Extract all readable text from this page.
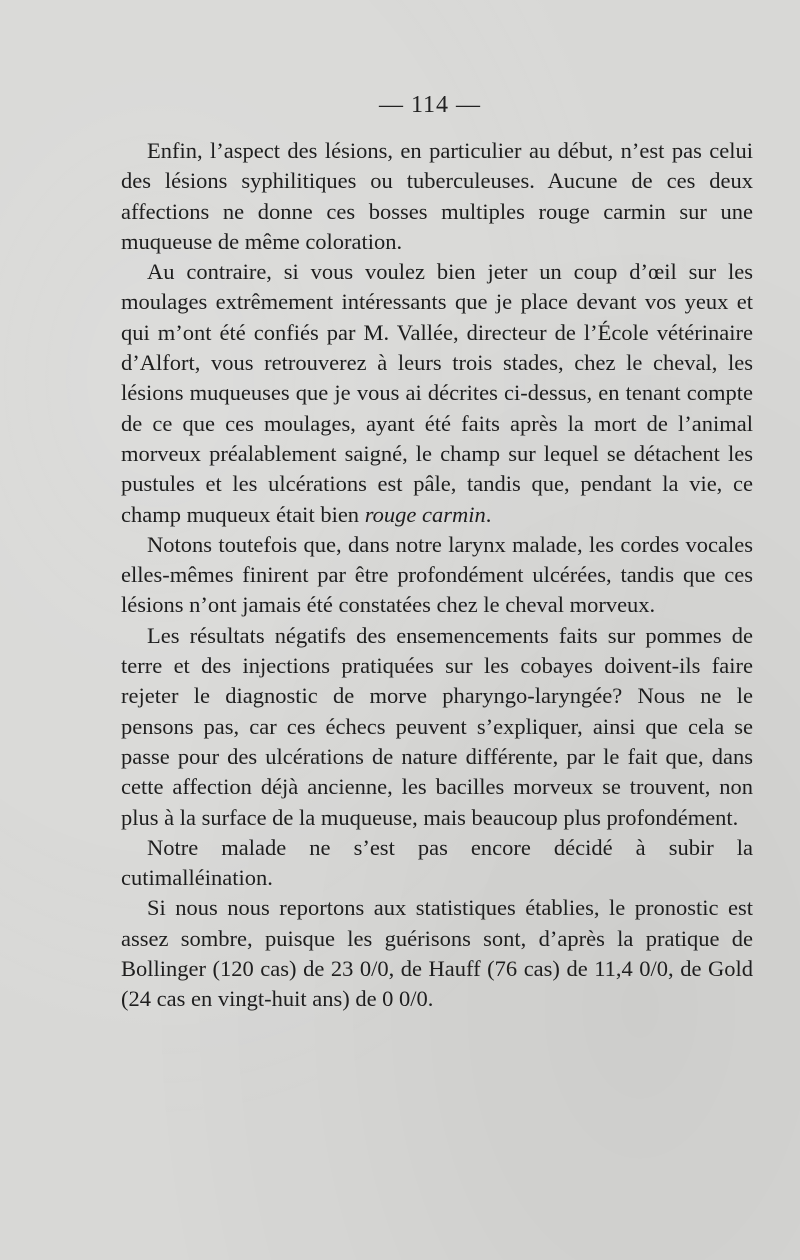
— 114 —

Enfin, l’aspect des lésions, en particulier au début, n’est pas celui des lésions syphilitiques ou tuberculeuses. Aucune de ces deux affections ne donne ces bosses multiples rouge carmin sur une muqueuse de même coloration.

Au contraire, si vous voulez bien jeter un coup d’œil sur les moulages extrêmement intéressants que je place devant vos yeux et qui m’ont été confiés par M. Vallée, directeur de l’École vétérinaire d’Alfort, vous retrouverez à leurs trois stades, chez le cheval, les lésions muqueuses que je vous ai décrites ci-dessus, en tenant compte de ce que ces moulages, ayant été faits après la mort de l’animal morveux préalablement saigné, le champ sur lequel se détachent les pustules et les ulcérations est pâle, tandis que, pendant la vie, ce champ muqueux était bien rouge carmin.

Notons toutefois que, dans notre larynx malade, les cordes vocales elles-mêmes finirent par être profondément ulcérées, tandis que ces lésions n’ont jamais été constatées chez le cheval morveux.

Les résultats négatifs des ensemencements faits sur pommes de terre et des injections pratiquées sur les cobayes doivent-ils faire rejeter le diagnostic de morve pharyngo-laryngée? Nous ne le pensons pas, car ces échecs peuvent s’expliquer, ainsi que cela se passe pour des ulcérations de nature différente, par le fait que, dans cette affection déjà ancienne, les bacilles morveux se trouvent, non plus à la surface de la muqueuse, mais beaucoup plus profondément.

Notre malade ne s’est pas encore décidé à subir la cutimalléination.

Si nous nous reportons aux statistiques établies, le pronostic est assez sombre, puisque les guérisons sont, d’après la pratique de Bollinger (120 cas) de 23 0/0, de Hauff (76 cas) de 11,4 0/0, de Gold (24 cas en vingt-huit ans) de 0 0/0.
